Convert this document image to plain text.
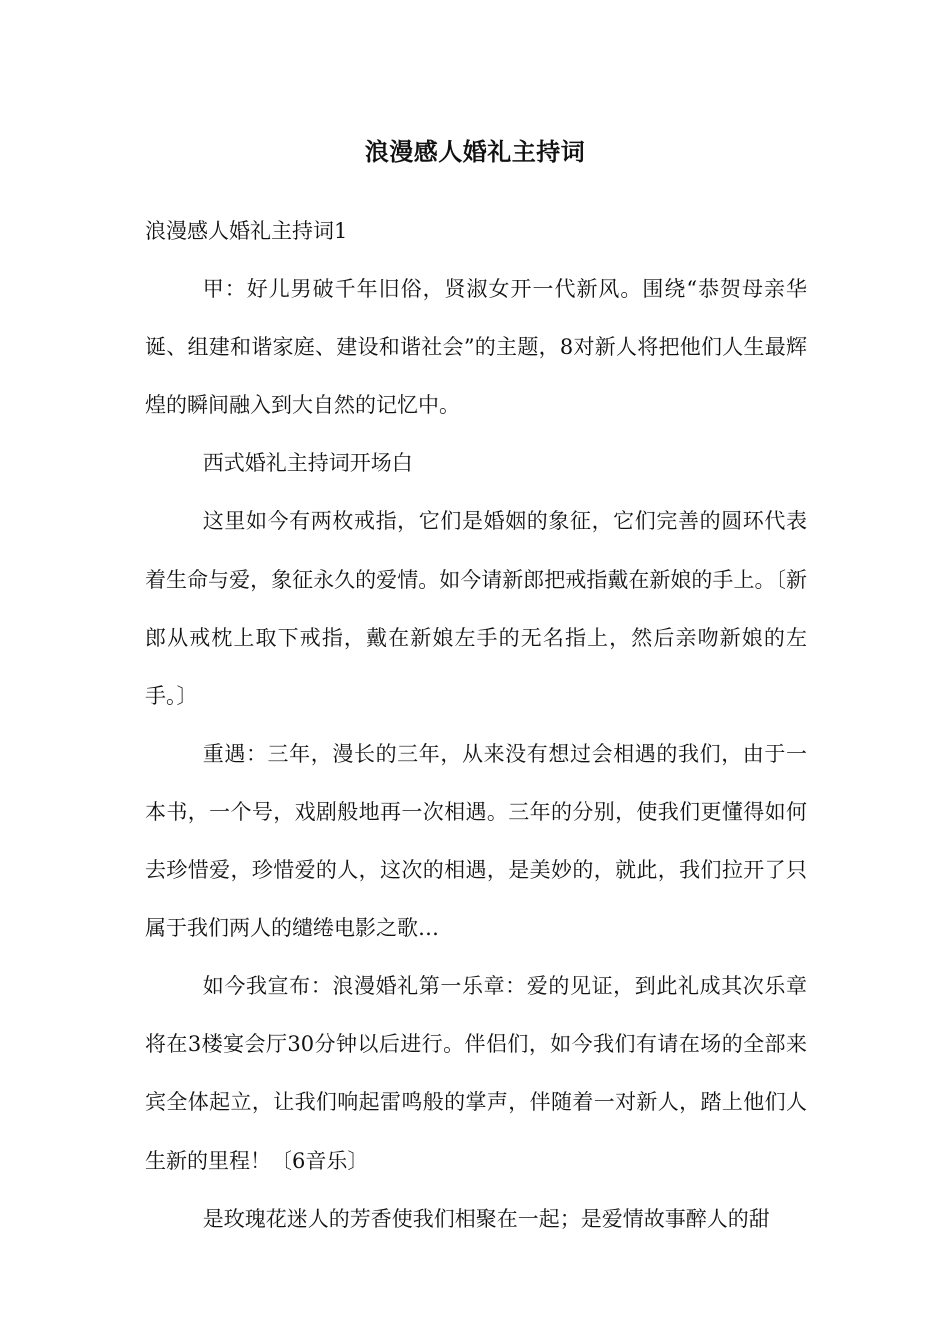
浪漫感人婚礼主持词

浪漫感人婚礼主持词1

甲：好儿男破千年旧俗，贤淑女开一代新风。围绕“恭贺母亲华诞、组建和谐家庭、建设和谐社会”的主题，8对新人将把他们人生最辉煌的瞬间融入到大自然的记忆中。

西式婚礼主持词开场白

这里如今有两枚戒指，它们是婚姻的象征，它们完善的圆环代表着生命与爱，象征永久的爱情。如今请新郎把戒指戴在新娘的手上。〔新郎从戒枕上取下戒指，戴在新娘左手的无名指上，然后亲吻新娘的左手。〕

重遇：三年，漫长的三年，从来没有想过会相遇的我们，由于一本书，一个号，戏剧般地再一次相遇。三年的分别，使我们更懂得如何去珍惜爱，珍惜爱的人，这次的相遇，是美妙的，就此，我们拉开了只属于我们两人的缱绻电影之歌…

如今我宣布：浪漫婚礼第一乐章：爱的见证，到此礼成其次乐章将在3楼宴会厅30分钟以后进行。伴侣们，如今我们有请在场的全部来宾全体起立，让我们响起雷鸣般的掌声，伴随着一对新人，踏上他们人生新的里程！〔6音乐〕

是玫瑰花迷人的芳香使我们相聚在一起；是爱情故事醉人的甜
